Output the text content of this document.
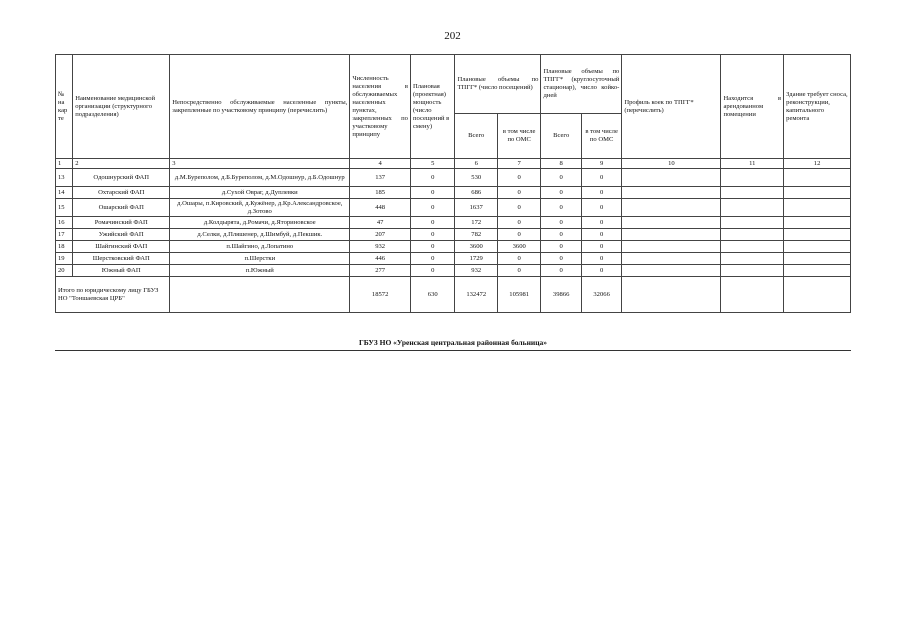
202
№ на кар те	Наименование медицинской организации (структурного подразделения)	Непосредственно обслуживаемые населенные пункты, закрепленные по участковому принципу (перечислить)	Численность населения в обслуживаемых населенных пунктах, закрепленных по участковому принципу	Плановая (проектная) мощность (число посещений в смену)	Плановые объемы по ТПГГ* (число посещений)		Плановые объемы по ТПГГ* (круглосуточный стационар), число койко-дней		Профиль коек по ТПГГ* (перечислить)	Находится в арендованном помещении	Здание требует сноса, реконструкции, капитального ремонта
					Всего	в том числе по ОМС	Всего	в том числе по ОМС			
1	2	3	4	5	6	7	8	9	10	11	12
13	Одошнурский ФАП	д.М.Буреполом, д.Б.Буреполом, д.М.Одошнур, д.Б.Одошнур	137	0	530	0	0	0			
14	Охтарский ФАП	д.Сухой Овраг, д.Дуплевки	185	0	686	0	0	0			
15	Ошарский ФАП	д.Ошары, п.Кировский, д.Кужёнер, д.Кр.Александровское, д.Зотово	448	0	1637	0	0	0			
16	Ромачинский ФАП	д.Колдырята, д.Ромачи, д.Яториновское	47	0	172	0	0	0			
17	Ужийский ФАП	д.Селки, д.Пляшенер, д.Шимбуй, д.Пекшик.	207	0	782	0	0	0			
18	Шайгинский ФАП	п.Шайгино, д.Лопатино	932	0	3600	3600	0	0			
19	Шерстковский ФАП	п.Шерстки	446	0	1729	0	0	0			
20	Южный ФАП	п.Южный	277	0	932	0	0	0			
Итого по юридическому лицу ГБУЗ НО "Тоншаевская ЦРБ"			18572	630	132472	105981	39866	32066			
ГБУЗ НО «Уренская центральная районная больница»
